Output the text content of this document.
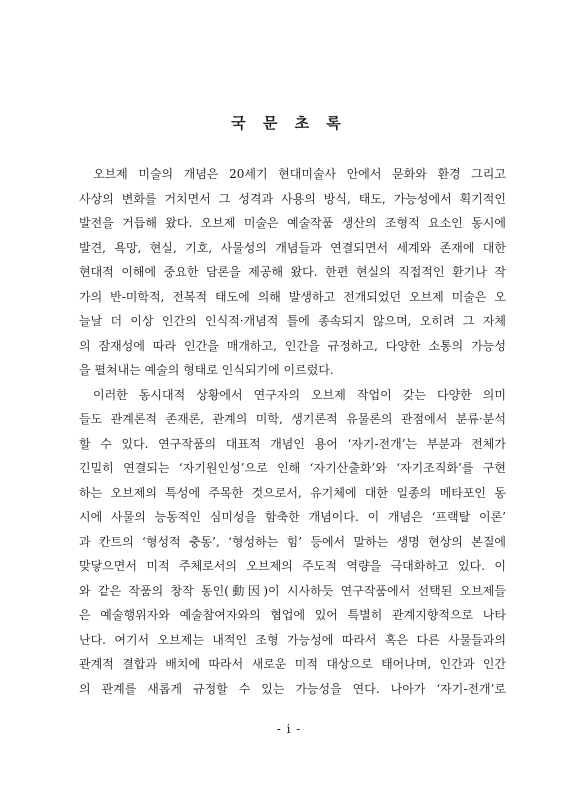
국 문 초 록
오브제 미술의 개념은 20세기 현대미술사 안에서 문화와 환경 그리고
사상의 변화를 거치면서 그 성격과 사용의 방식, 태도, 가능성에서 획기적인
발전을 거듭해 왔다. 오브제 미술은 예술작품 생산의 조형적 요소인 동시에
발견, 욕망, 현실, 기호, 사물성의 개념들과 연결되면서 세계와 존재에 대한
현대적 이해에 중요한 담론을 제공해 왔다. 한편 현실의 직접적인 환기나 작
가의 반-미학적, 전복적 태도에 의해 발생하고 전개되었던 오브제 미술은 오
늘날 더 이상 인간의 인식적·개념적 틀에 종속되지 않으며, 오히려 그 자체
의 잠재성에 따라 인간을 매개하고, 인간을 규정하고, 다양한 소통의 가능성
을 펼쳐내는 예술의 형태로 인식되기에 이르렀다.
이러한 동시대적 상황에서 연구자의 오브제 작업이 갖는 다양한 의미
들도 관계론적 존재론, 관계의 미학, 생기론적 유물론의 관점에서 분류·분석
할 수 있다. 연구작품의 대표적 개념인 용어 ‘자기-전개’는 부분과 전체가
긴밀히 연결되는 ‘자기원인성’으로 인해 ‘자기산출화’와 ‘자기조직화’를 구현
하는 오브제의 특성에 주목한 것으로서, 유기체에 대한 일종의 메타포인 동
시에 사물의 능동적인 심미성을 함축한 개념이다. 이 개념은 ‘프랙탈 이론’
과 칸트의 ‘형성적 충동’, ‘형성하는 힘’ 등에서 말하는 생명 현상의 본질에
맞닿으면서 미적 주체로서의 오브제의 주도적 역량을 극대화하고 있다. 이
와 같은 작품의 창작 동인(動因)이 시사하듯 연구작품에서 선택된 오브제들
은 예술행위자와 예술참여자와의 협업에 있어 특별히 관계지향적으로 나타
난다. 여기서 오브제는 내적인 조형 가능성에 따라서 혹은 다른 사물들과의
관계적 결합과 배치에 따라서 새로운 미적 대상으로 태어나며, 인간과 인간
의 관계를 새롭게 규정할 수 있는 가능성을 연다. 나아가 ‘자기-전개’로
- i -
